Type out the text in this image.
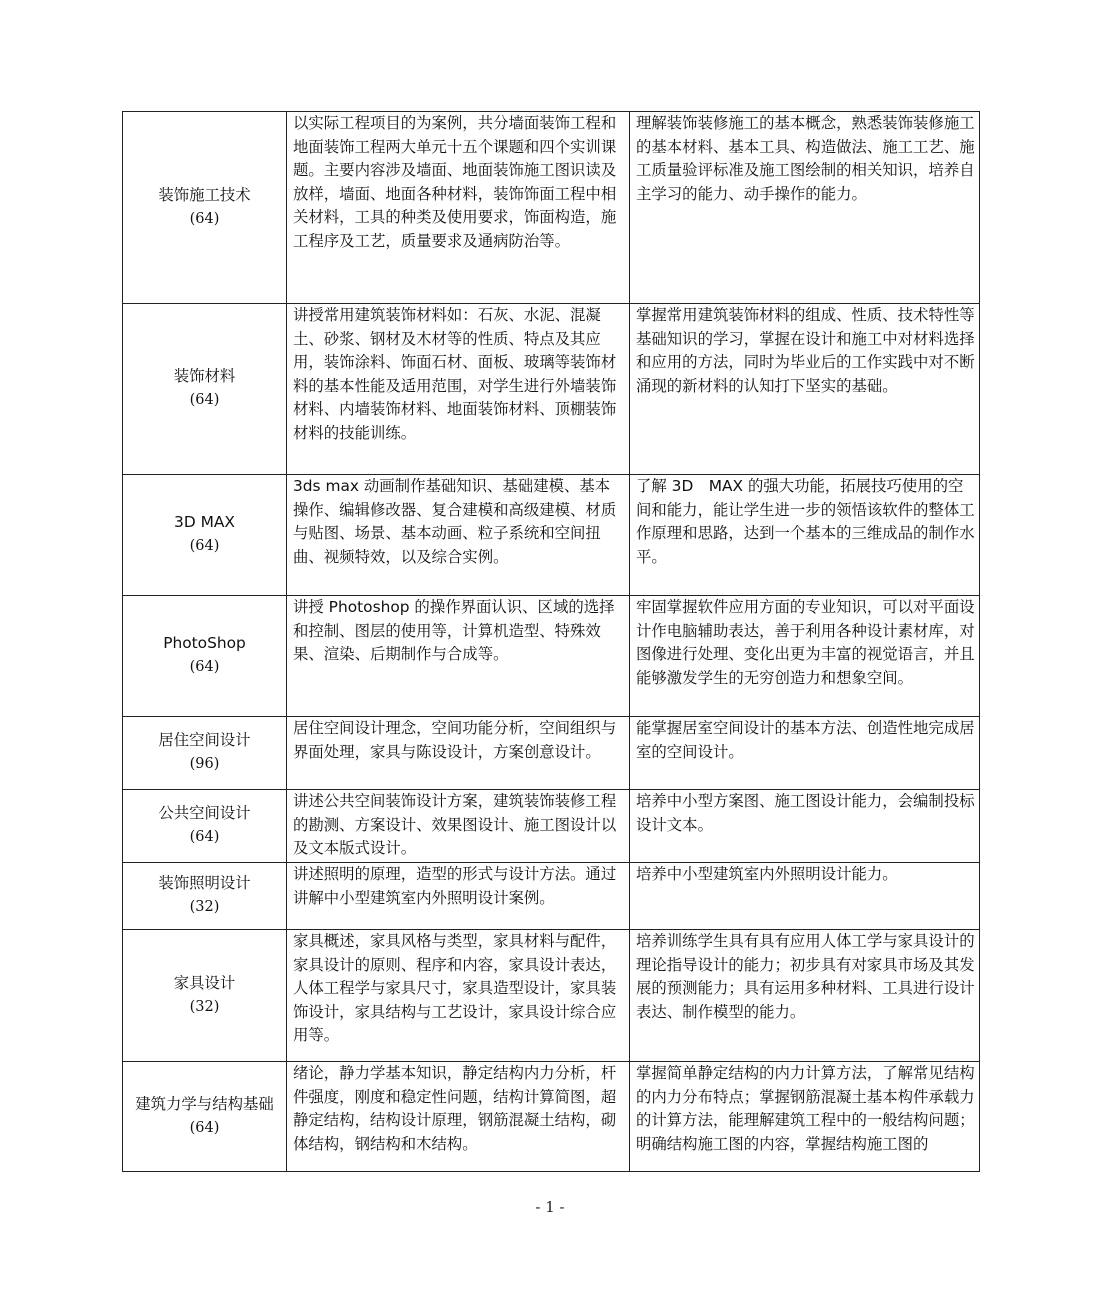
装饰施工技术
(64)	以实际工程项目的为案例，共分墙面装饰工程和地面装饰工程两大单元十五个课题和四个实训课题。主要内容涉及墙面、地面装饰施工图识读及放样，墙面、地面各种材料，装饰饰面工程中相关材料，工具的种类及使用要求，饰面构造，施工程序及工艺，质量要求及通病防治等。	理解装饰装修施工的基本概念，熟悉装饰装修施工的基本材料、基本工具、构造做法、施工工艺、施工质量验评标准及施工图绘制的相关知识，培养自主学习的能力、动手操作的能力。

装饰材料
(64)	讲授常用建筑装饰材料如：石灰、水泥、混凝土、砂浆、钢材及木材等的性质、特点及其应用，装饰涂料、饰面石材、面板、玻璃等装饰材料的基本性能及适用范围，对学生进行外墙装饰材料、内墙装饰材料、地面装饰材料、顶棚装饰材料的技能训练。	掌握常用建筑装饰材料的组成、性质、技术特性等基础知识的学习，掌握在设计和施工中对材料选择和应用的方法，同时为毕业后的工作实践中对不断涌现的新材料的认知打下坚实的基础。

3D MAX
(64)	3ds max 动画制作基础知识、基础建模、基本操作、编辑修改器、复合建模和高级建模、材质与贴图、场景、基本动画、粒子系统和空间扭曲、视频特效，以及综合实例。	了解 3D　MAX 的强大功能，拓展技巧使用的空间和能力，能让学生进一步的领悟该软件的整体工作原理和思路，达到一个基本的三维成品的制作水平。

PhotoShop
(64)	讲授 Photoshop 的操作界面认识、区域的选择和控制、图层的使用等，计算机造型、特殊效果、渲染、后期制作与合成等。	牢固掌握软件应用方面的专业知识，可以对平面设计作电脑辅助表达，善于利用各种设计素材库，对图像进行处理、变化出更为丰富的视觉语言，并且能够激发学生的无穷创造力和想象空间。

居住空间设计
(96)	居住空间设计理念，空间功能分析，空间组织与界面处理，家具与陈设设计，方案创意设计。	能掌握居室空间设计的基本方法、创造性地完成居室的空间设计。

公共空间设计
(64)	讲述公共空间装饰设计方案，建筑装饰装修工程的勘测、方案设计、效果图设计、施工图设计以及文本版式设计。	培养中小型方案图、施工图设计能力，会编制投标设计文本。

装饰照明设计
(32)	讲述照明的原理，造型的形式与设计方法。通过讲解中小型建筑室内外照明设计案例。	培养中小型建筑室内外照明设计能力。

家具设计
(32)	家具概述，家具风格与类型，家具材料与配件，家具设计的原则、程序和内容，家具设计表达，人体工程学与家具尺寸，家具造型设计，家具装饰设计，家具结构与工艺设计，家具设计综合应用等。	培养训练学生具有具有应用人体工学与家具设计的理论指导设计的能力；初步具有对家具市场及其发展的预测能力；具有运用多种材料、工具进行设计表达、制作模型的能力。

建筑力学与结构基础
(64)	绪论，静力学基本知识，静定结构内力分析，杆件强度，刚度和稳定性问题，结构计算简图，超静定结构，结构设计原理，钢筋混凝土结构，砌体结构，钢结构和木结构。	掌握简单静定结构的内力计算方法，了解常见结构的内力分布特点；掌握钢筋混凝土基本构件承载力的计算方法，能理解建筑工程中的一般结构问题；明确结构施工图的内容，掌握结构施工图的
- 1 -
